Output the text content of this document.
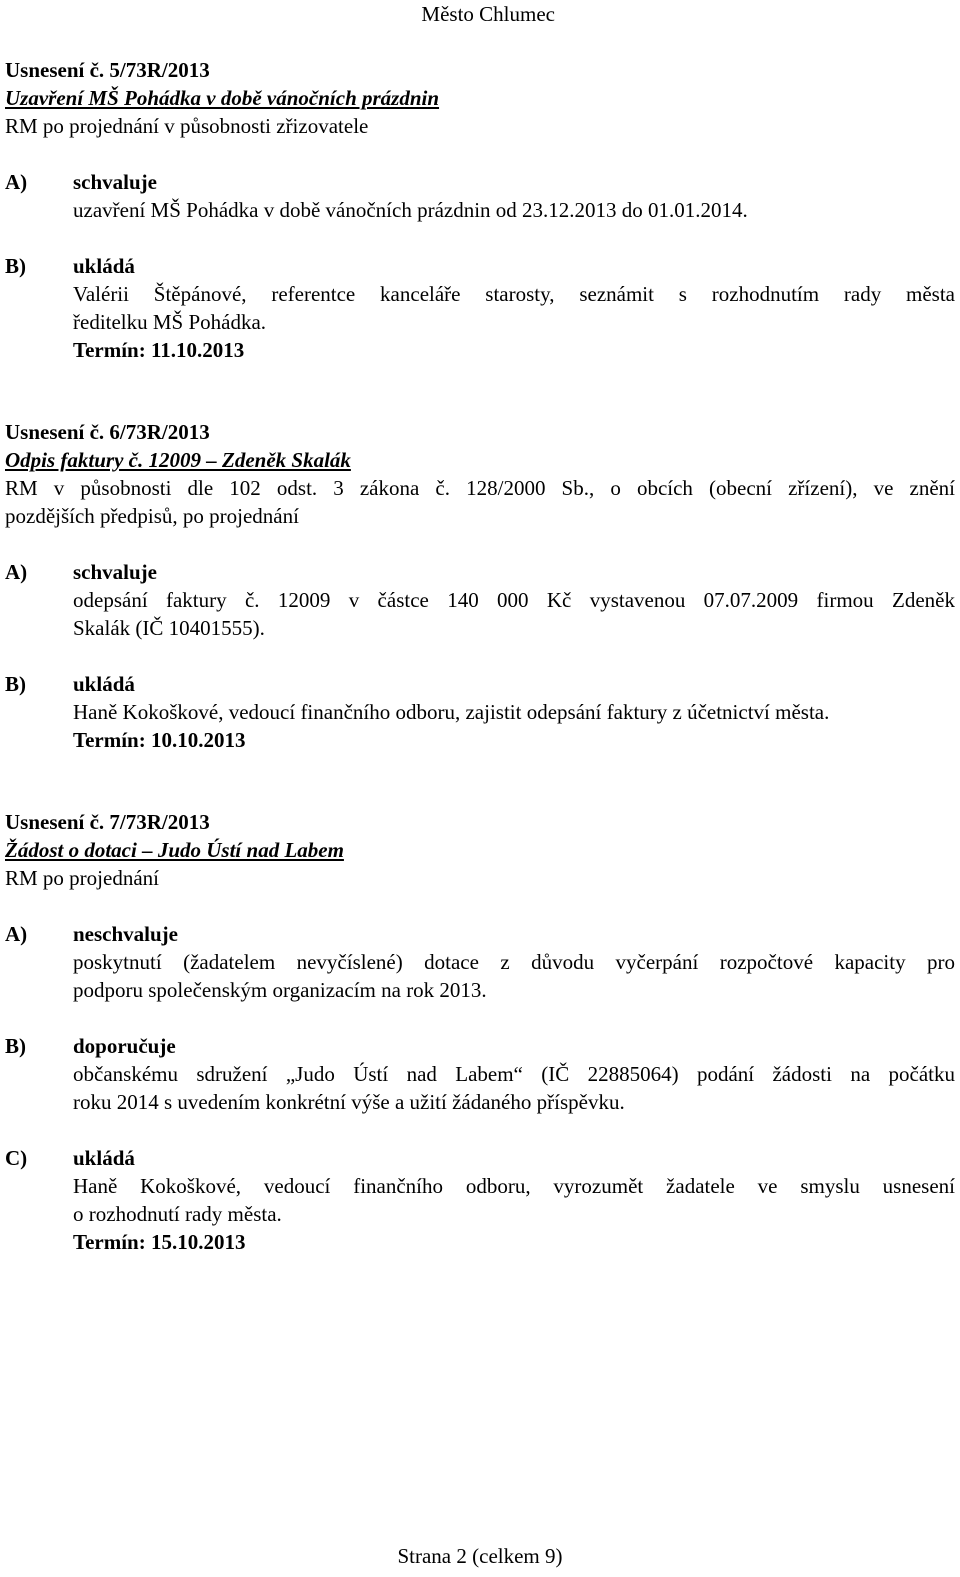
Město Chlumec
Usnesení č. 5/73R/2013
Uzavření MŠ Pohádka v době vánočních prázdnin
RM po projednání v působnosti zřizovatele
A) schvaluje
uzavření MŠ Pohádka v době vánočních prázdnin od 23.12.2013 do 01.01.2014.
B) ukládá
Valérii Štěpánové, referentce kanceláře starosty, seznámit s rozhodnutím rady města
ředitelku MŠ Pohádka.
Termín: 11.10.2013
Usnesení č. 6/73R/2013
Odpis faktury č. 12009 – Zdeněk Skalák
RM v působnosti dle 102 odst. 3 zákona č. 128/2000 Sb., o obcích (obecní zřízení), ve znění
pozdějších předpisů, po projednání
A) schvaluje
odepsání faktury č. 12009 v částce 140 000 Kč vystavenou 07.07.2009 firmou Zdeněk
Skalák (IČ 10401555).
B) ukládá
Haně Kokoškové, vedoucí finančního odboru, zajistit odepsání faktury z účetnictví města.
Termín: 10.10.2013
Usnesení č. 7/73R/2013
Žádost o dotaci – Judo Ústí nad Labem
RM po projednání
A) neschvaluje
poskytnutí (žadatelem nevyčíslené) dotace z důvodu vyčerpání rozpočtové kapacity pro
podporu společenským organizacím na rok 2013.
B) doporučuje
občanskému sdružení „Judo Ústí nad Labem“ (IČ 22885064) podání žádosti na počátku
roku 2014 s uvedením konkrétní výše a užití žádaného příspěvku.
C) ukládá
Haně Kokoškové, vedoucí finančního odboru, vyrozumět žadatele ve smyslu usnesení
o rozhodnutí rady města.
Termín: 15.10.2013
Strana 2 (celkem 9)
